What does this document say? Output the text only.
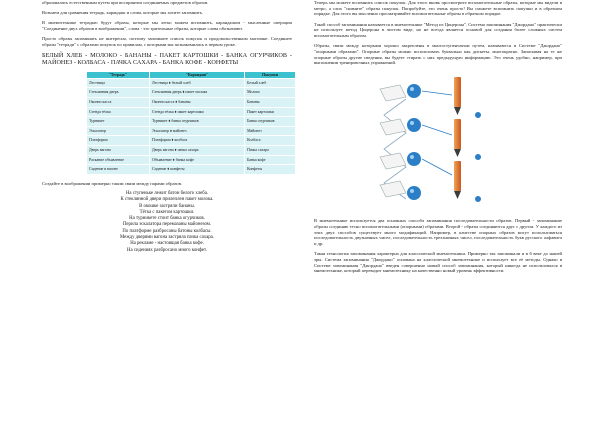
образовались естественным путем при восприятии соединяемых предметов образов.

Возьмем для сравнения тетрадь, карандаш и слова, которые мы хотите запомнить.

В мнемотехнике тетрадью будут образы, которые мы легко можем вспомнить, карандашом - мысленные операции "Соединение двух образов в воображении", слова - это зрительные образы, которые слова обозначают.

Просто образы запоминать не интересно, поэтому запомните список покупок и продовольственном магазине. Соедините образы "тетради" с образами покупок по правилам, с которыми мы познакомились в первом уроке.

БЕЛЫЙ ХЛЕБ - МОЛОКО - БАНАНЫ - ПАКЕТ КАРТОШКИ - БАНКА ОГУРЧИКОВ - МАЙОНЕЗ - КОЛБАСА - ПАЧКА САХАРА - БАНКА КОФЕ - КОНФЕТЫ

"Тетрадь"	"Карандаш"	Покупки
Лестница	Лестница ♦ белый хлеб	Белый хлеб
Стеклянная дверь	Стеклянная дверь ♦ пакет молока	Молоко
Оконно касса	Оконно касса ♦ бананы	Бананы
Стенда тёлка	Стенда тёлка ♦ пакет картошки	Пакет картошки
Турникет	Турникет ♦ банка огурчиков	Банка огурчиков
Эскалатор	Эскалатор ♦ майонез	Майонез
Платформа	Платформа ♦ колбаса	Колбаса
Дверь вагона	Дверь вагона ♦ пачка сахара	Пачка сахара
Раскание объявление	Объявление ♦ банка кофе	Банка кофе
Сидение в вагоне	Сидение ♦ конфеты	Конфеты

Создайте в воображении примерно таким связи между парами образов.

На ступеньке лежит батон белого хлеба.
К стеклянной двери прилеплен пакет молока.
В окошке застряли бананы.
Тётка с пакетом картошки.
На турникете стоит банка огурчиков.
Перила эскалатора перемазаны майонезом.
По платформе разбросаны батоны колбасы.
Между дверями вагона застряла пачка сахара.
На рекламе - настоящая банка кофе.
На сидениях разбросано много конфет.

Теперь мы можете вспомнить список покупок. Для этого вновь просмотрите вспомогательные образы, которые мы видели в метро, а слих "снимите" образы покупок. Попробуйте, это очень просто! Вы сможете вспомнить покупки и в обратном порядке. Для этого вы мысленно просматривайте вспомогательные образы в обратном порядке.

Такой способ запоминания называется в мнемотехнике "Метод из Цицерона". Система запоминания "Джордано" практически не использует метод Цицерона в чистом виде, но не всегда является основой для создания более сложных систем вспомогательным образом.

Образы, связи между которыми хорошо закреплены в многоступенчатым путем, называются в Системе "Джордано" "опорными образами". Опорные образы можно использовать буквально как дискеты, многократно. Записывая на те же опорные образы другие сведения, вы будете стирать с них предыдущую информацию. Это очень удобно, например, при выполнении тренировочных упражнений.

В мнемотехнике используется два основных способа запоминания последовательности образов. Первый - запоминание образы соединяю тесно вспомогательными (опорными) образами. Второй - образы соединяются друг с другом. У каждого из этих двух способов существует много модификаций. Например, в качестве опорных образов могут использоваться последовательность двузначных чисел, последовательность трехзначных чисел, последовательность букв русского алфавита и др.

Такая технология запоминания характерна для классической мнемотехники. Примерно так запоминали и в 6 веке до нашей эры. Система запоминания "Джордано" основана на классической мнемотехнике и использует все её методы. Однако в Системе запоминания "Джордано" введен совершенно новый способ запоминания, который никогда не использовался в мнемотехнике, который переводит мнемотехнику на качественно новый уровень эффективности.
